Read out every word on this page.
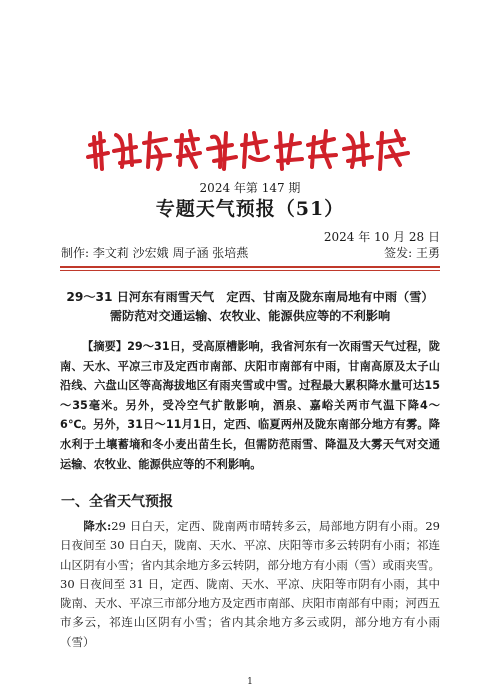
2024 年第 147 期
专题天气预报（51）
2024 年 10 月 28 日
制作: 李文莉 沙宏娥 周子涵 张培燕	签发: 王勇
29～31 日河东有雨雪天气　定西、甘南及陇东南局地有中雨（雪）
需防范对交通运输、农牧业、能源供应等的不利影响
【摘要】29～31日，受高原槽影响，我省河东有一次雨雪天气过程，陇南、天水、平凉三市及定西市南部、庆阳市南部有中雨，甘南高原及太子山沿线、六盘山区等高海拔地区有雨夹雪或中雪。过程最大累积降水量可达15～35毫米。另外，受冷空气扩散影响，酒泉、嘉峪关两市气温下降4～6℃。另外，31日～11月1日，定西、临夏两州及陇东南部分地方有雾。降水利于土壤蓄墒和冬小麦出苗生长，但需防范雨雪、降温及大雾天气对交通运输、农牧业、能源供应等的不利影响。
一、全省天气预报
降水:29 日白天，定西、陇南两市晴转多云，局部地方阴有小雨。29 日夜间至 30 日白天，陇南、天水、平凉、庆阳等市多云转阴有小雨；祁连山区阴有小雪；省内其余地方多云转阴，部分地方有小雨（雪）或雨夹雪。30 日夜间至 31 日，定西、陇南、天水、平凉、庆阳等市阴有小雨，其中陇南、天水、平凉三市部分地方及定西市南部、庆阳市南部有中雨；河西五市多云，祁连山区阴有小雪；省内其余地方多云或阴，部分地方有小雨（雪）
1
